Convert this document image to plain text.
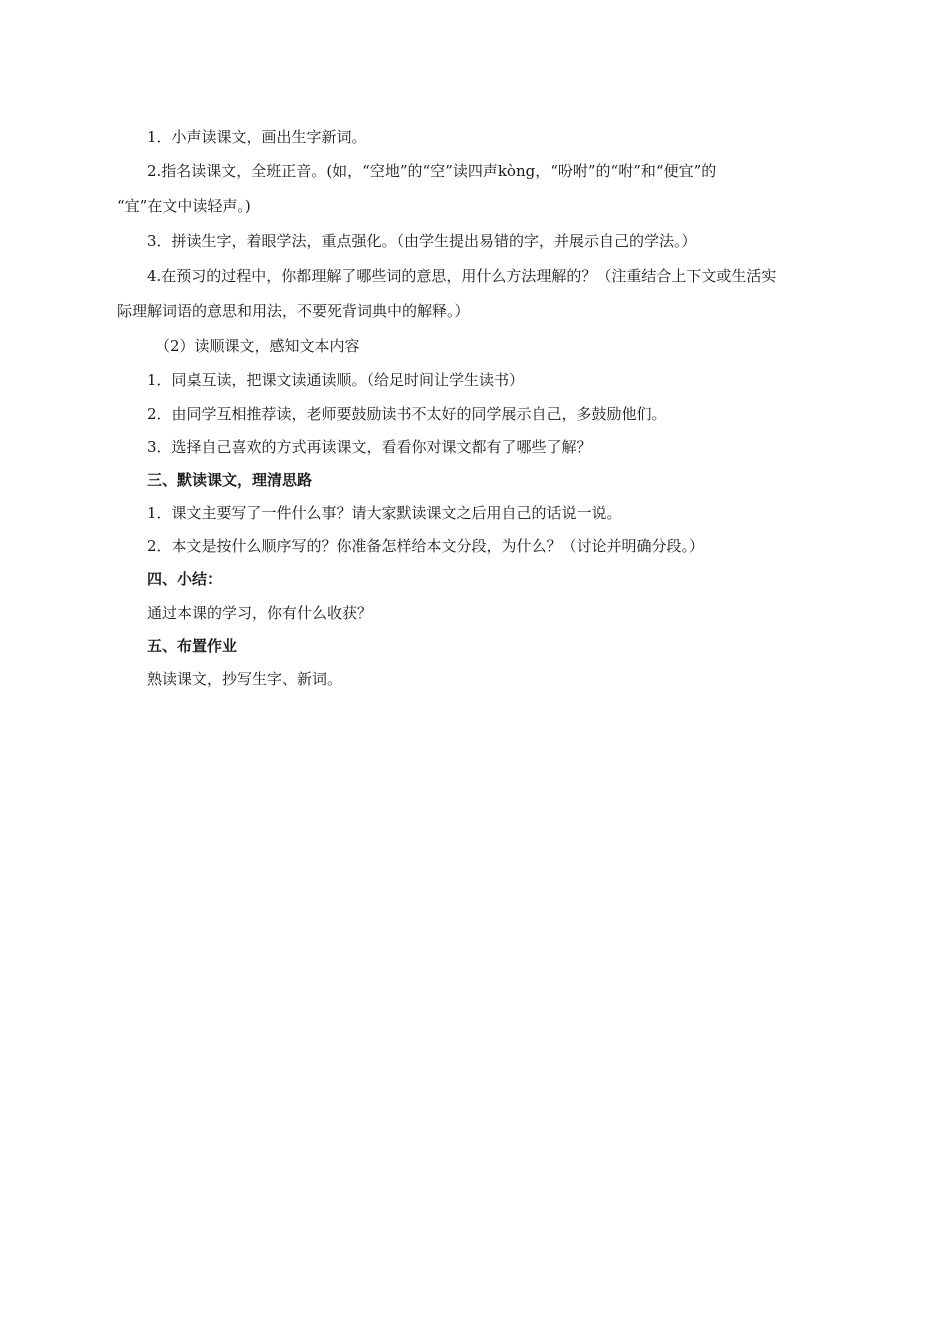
1．小声读课文，画出生字新词。
2.指名读课文，全班正音。(如，“空地”的“空”读四声kòng，“吩咐”的“咐”和“便宜”的
“宜”在文中读轻声。)
3．拼读生字，着眼学法，重点强化。（由学生提出易错的字，并展示自己的学法。）
4.在预习的过程中，你都理解了哪些词的意思，用什么方法理解的？（注重结合上下文或生活实
际理解词语的意思和用法，不要死背词典中的解释。）
（2）读顺课文，感知文本内容
1．同桌互读，把课文读通读顺。（给足时间让学生读书）
2．由同学互相推荐读，老师要鼓励读书不太好的同学展示自己，多鼓励他们。
3．选择自己喜欢的方式再读课文，看看你对课文都有了哪些了解？
三、默读课文，理清思路
1．课文主要写了一件什么事？请大家默读课文之后用自己的话说一说。
2．本文是按什么顺序写的？你准备怎样给本文分段，为什么？（讨论并明确分段。）
四、小结：
通过本课的学习，你有什么收获？
五、布置作业
熟读课文，抄写生字、新词。
